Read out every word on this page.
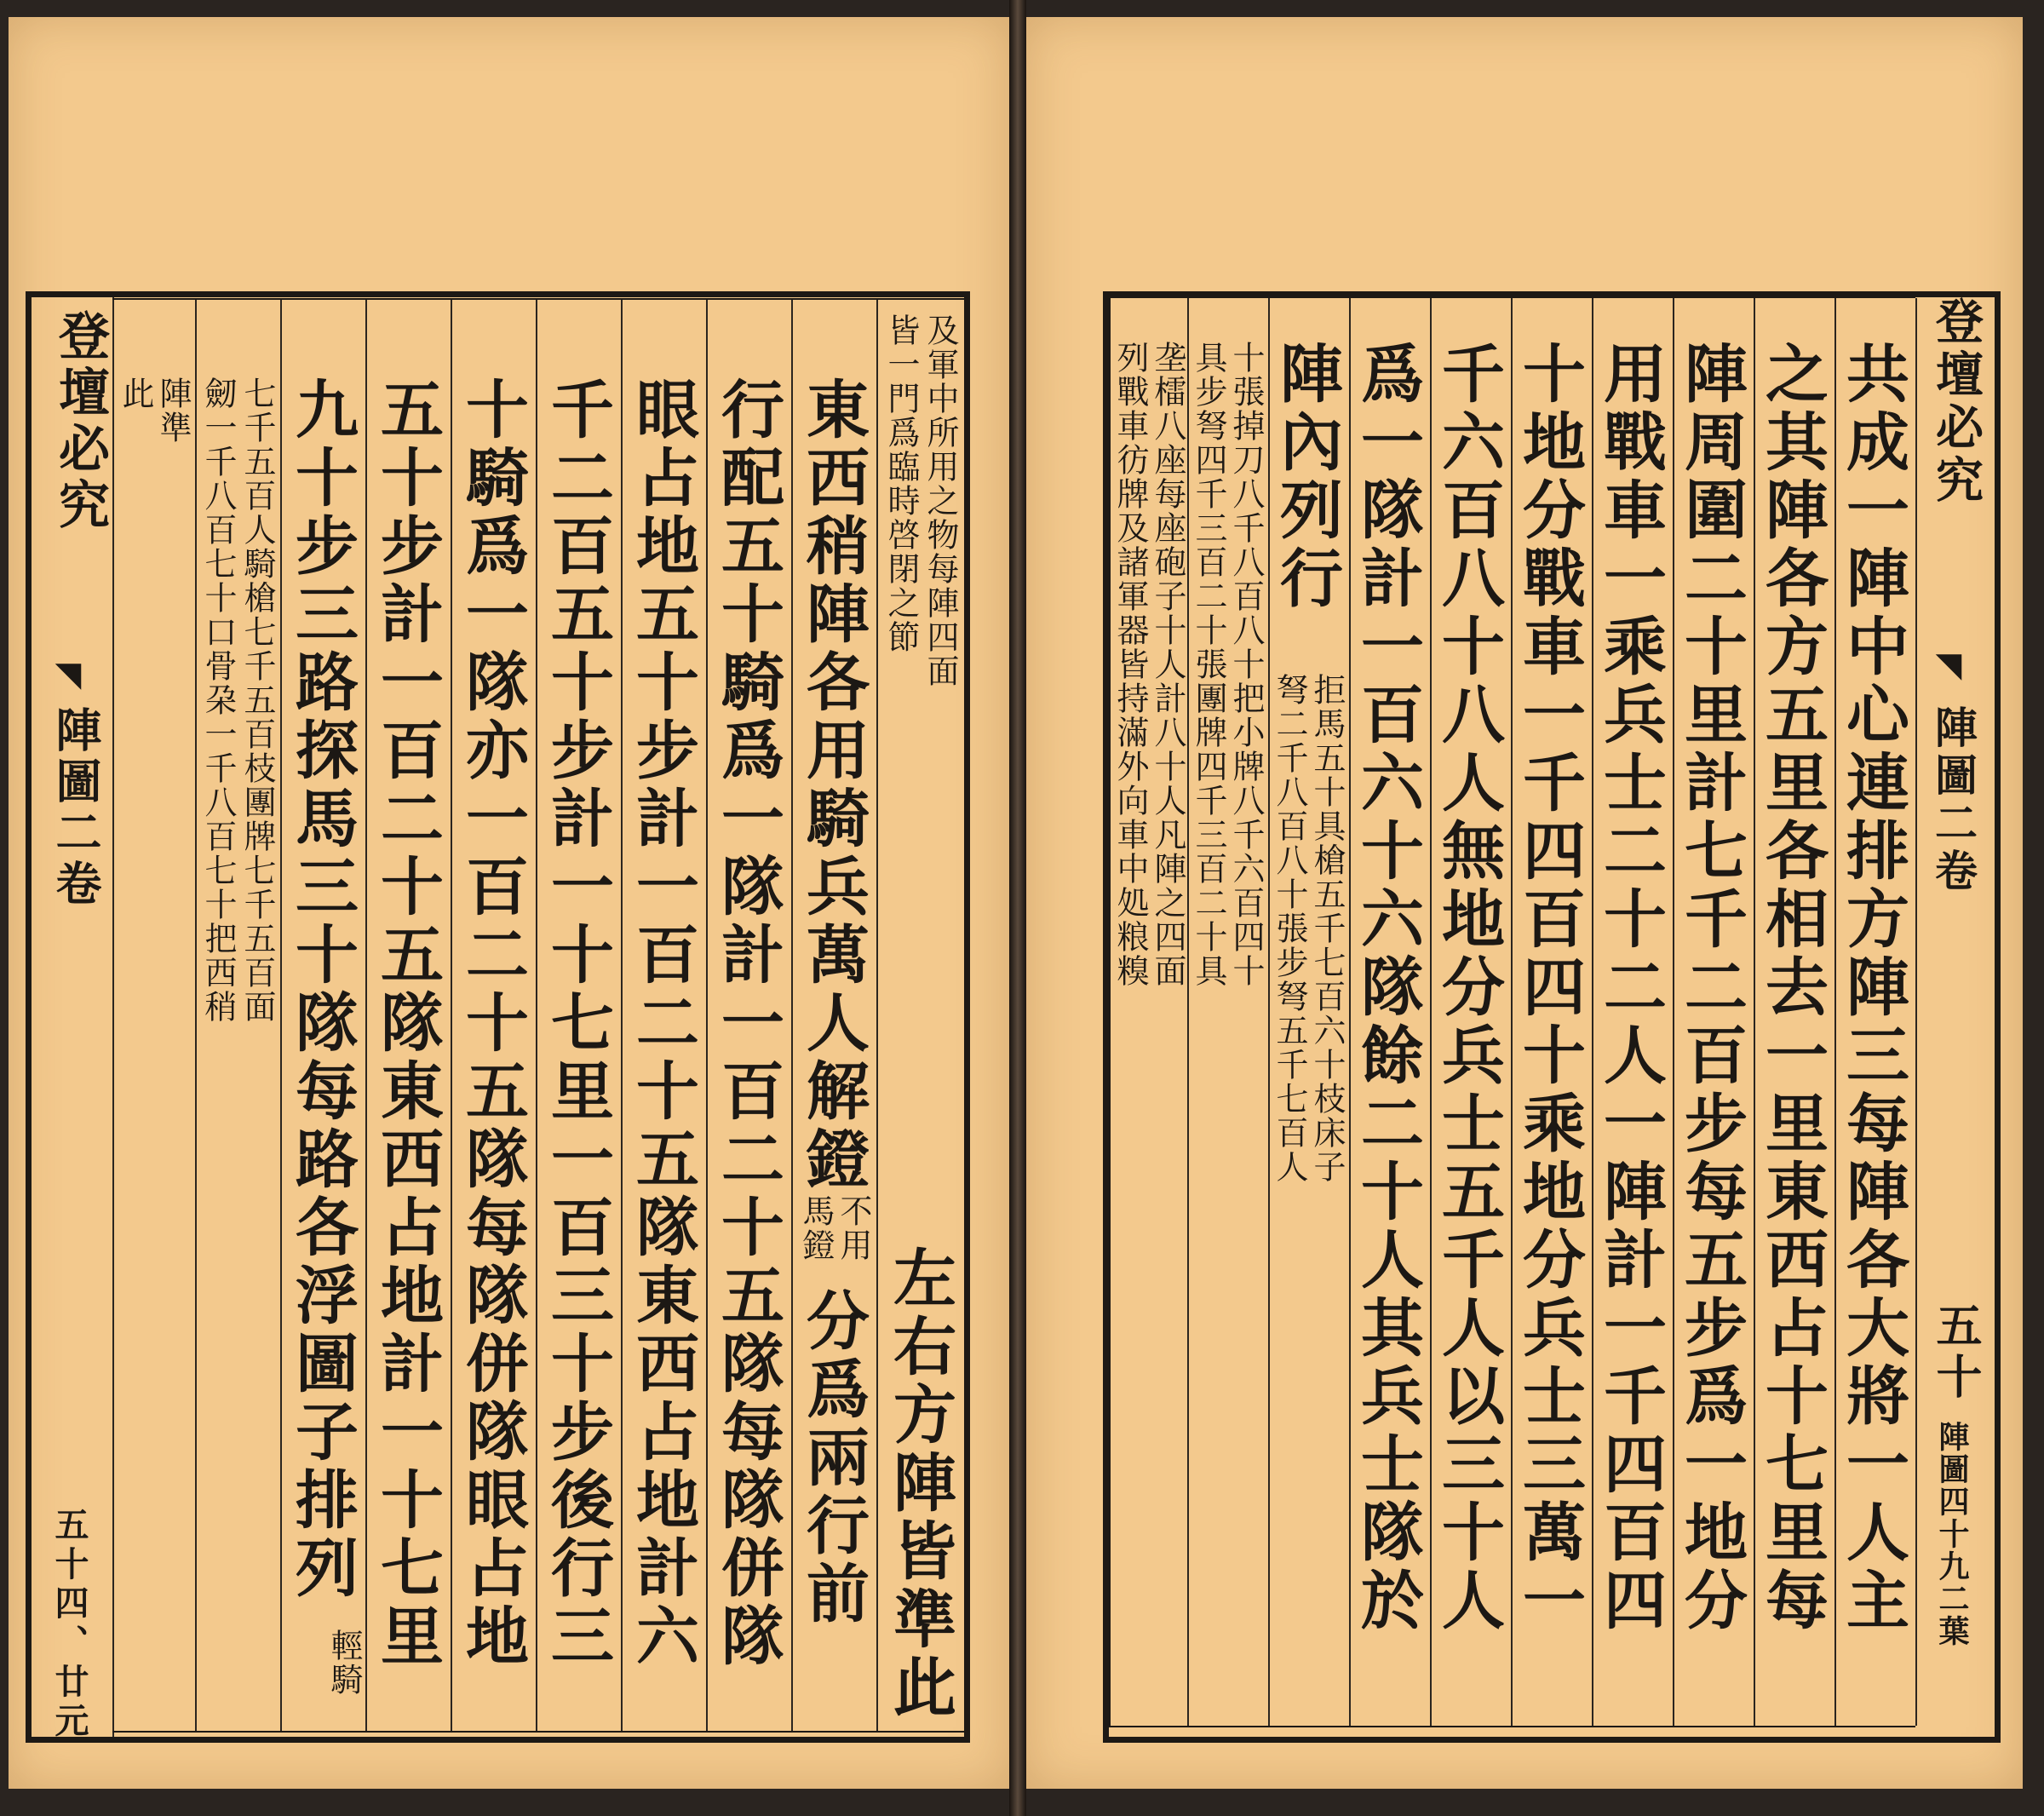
登壇必究
◥
陣圖二卷
五十四、廿元
及軍中所用之物每陣四面
皆一門爲臨時啓閉之節
左右方陣皆準此
東西稍陣各用騎兵萬人解鐙
不用
馬鐙
分爲兩行前
行配五十騎爲一隊計一百二十五隊每隊併隊
眼占地五十步計一百二十五隊東西占地計六
千二百五十步計一十七里一百三十步後行三
十騎爲一隊亦一百二十五隊每隊併隊眼占地
五十步計一百二十五隊東西占地計一十七里
九十步三路探馬三十隊每路各浮圖子排列
輕騎
七千五百人騎槍七千五百枝團牌七千五百面
劒一千八百七十口骨朶一千八百七十把西稍
陣準
此	共成一陣中心連排方陣三每陣各大將一人主
之其陣各方五里各相去一里東西占十七里每
陣周圍二十里計七千二百步每五步爲一地分
用戰車一乘兵士二十二人一陣計一千四百四
十地分戰車一千四百四十乘地分兵士三萬一
千六百八十八人無地分兵士五千人以三十人
爲一隊計一百六十六隊餘二十人其兵士隊於
陣內列行
拒馬五十具槍五千七百六十枝床子
弩二千八百八十張步弩五千七百人
十張掉刀八千八百八十把小牌八千六百四十
具步弩四千三百二十張團牌四千三百二十具
垄檑八座每座砲子十人計八十人凡陣之四面
列戰車彷牌及諸軍器皆持滿外向車中処粮糗	登壇必究
◥
陣圖二卷
五十
陣圖四十九二葉
